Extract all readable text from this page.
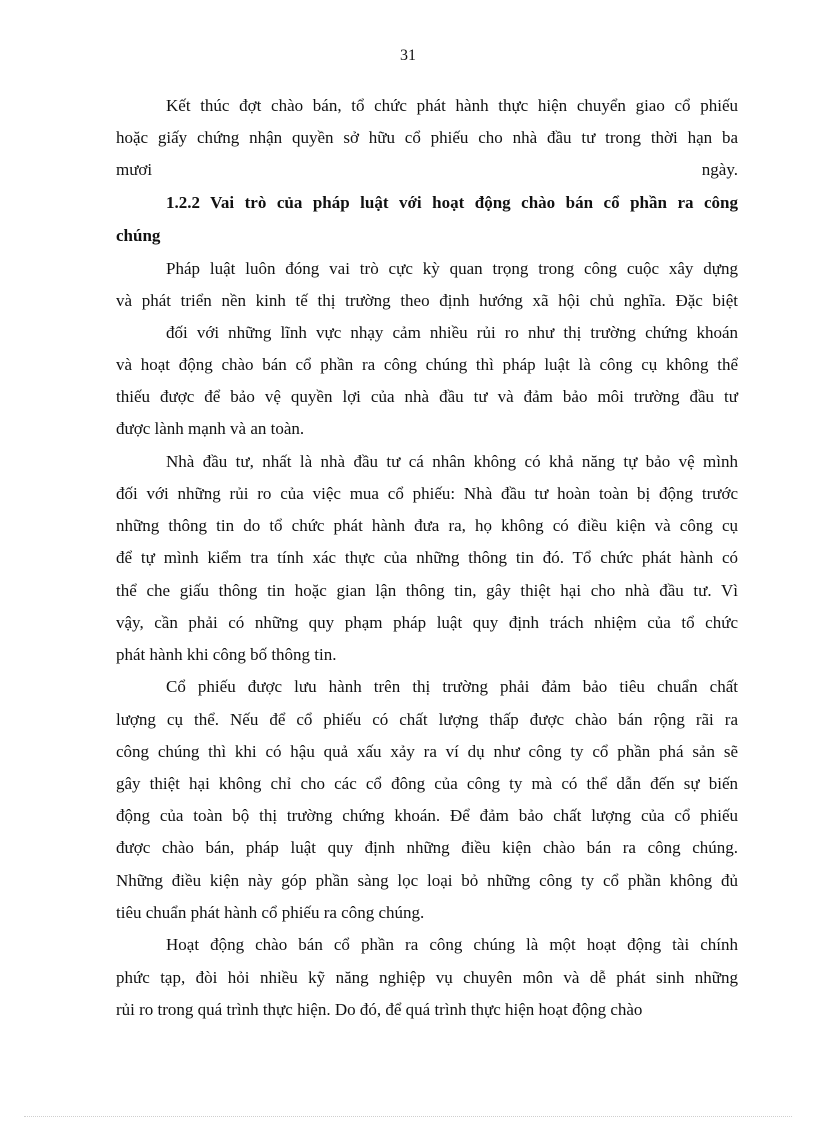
31
Kết thúc đợt chào bán, tổ chức phát hành thực hiện chuyển giao cổ phiếu
hoặc giấy chứng nhận quyền sở hữu cổ phiếu cho nhà đầu tư trong thời hạn ba
mươi	ngày.
1.2.2 Vai trò của pháp luật với hoạt động chào bán cổ phần ra công
chúng
Pháp luật luôn đóng vai trò cực kỳ quan trọng trong công cuộc xây dựng
và phát triển nền kinh tế thị trường theo định hướng xã hội chủ nghĩa. Đặc biệt
đối với những lĩnh vực nhạy cảm nhiều rủi ro như thị trường chứng khoán
và hoạt động chào bán cổ phần ra công chúng thì pháp luật là công cụ không thể
thiếu được để bảo vệ quyền lợi của nhà đầu tư và đảm bảo môi trường đầu tư
được lành mạnh và an toàn.
Nhà đầu tư, nhất là nhà đầu tư cá nhân không có khả năng tự bảo vệ mình
đối với những rủi ro của việc mua cổ phiếu: Nhà đầu tư hoàn toàn bị động trước
những thông tin do tổ chức phát hành đưa ra, họ không có điều kiện và công cụ
để tự mình kiểm tra tính xác thực của những thông tin đó. Tổ chức phát hành có
thể che giấu thông tin hoặc gian lận thông tin, gây thiệt hại cho nhà đầu tư. Vì
vậy, cần phải có những quy phạm pháp luật quy định trách nhiệm của tổ chức
phát hành khi công bố thông tin.
Cổ phiếu được lưu hành trên thị trường phải đảm bảo tiêu chuẩn chất
lượng cụ thể. Nếu để cổ phiếu có chất lượng thấp được chào bán rộng rãi ra
công chúng thì khi có hậu quả xấu xảy ra ví dụ như công ty cổ phần phá sản sẽ
gây thiệt hại không chỉ cho các cổ đông của công ty mà có thể dẫn đến sự biến
động của toàn bộ thị trường chứng khoán. Để đảm bảo chất lượng của cổ phiếu
được chào bán, pháp luật quy định những điều kiện chào bán ra công chúng.
Những điều kiện này góp phần sàng lọc loại bỏ những công ty cổ phần không đủ
tiêu chuẩn phát hành cổ phiếu ra công chúng.
Hoạt động chào bán cổ phần ra công chúng là một hoạt động tài chính
phức tạp, đòi hỏi nhiều kỹ năng nghiệp vụ chuyên môn và dễ phát sinh những
rủi ro trong quá trình thực hiện. Do đó, để quá trình thực hiện hoạt động chào
